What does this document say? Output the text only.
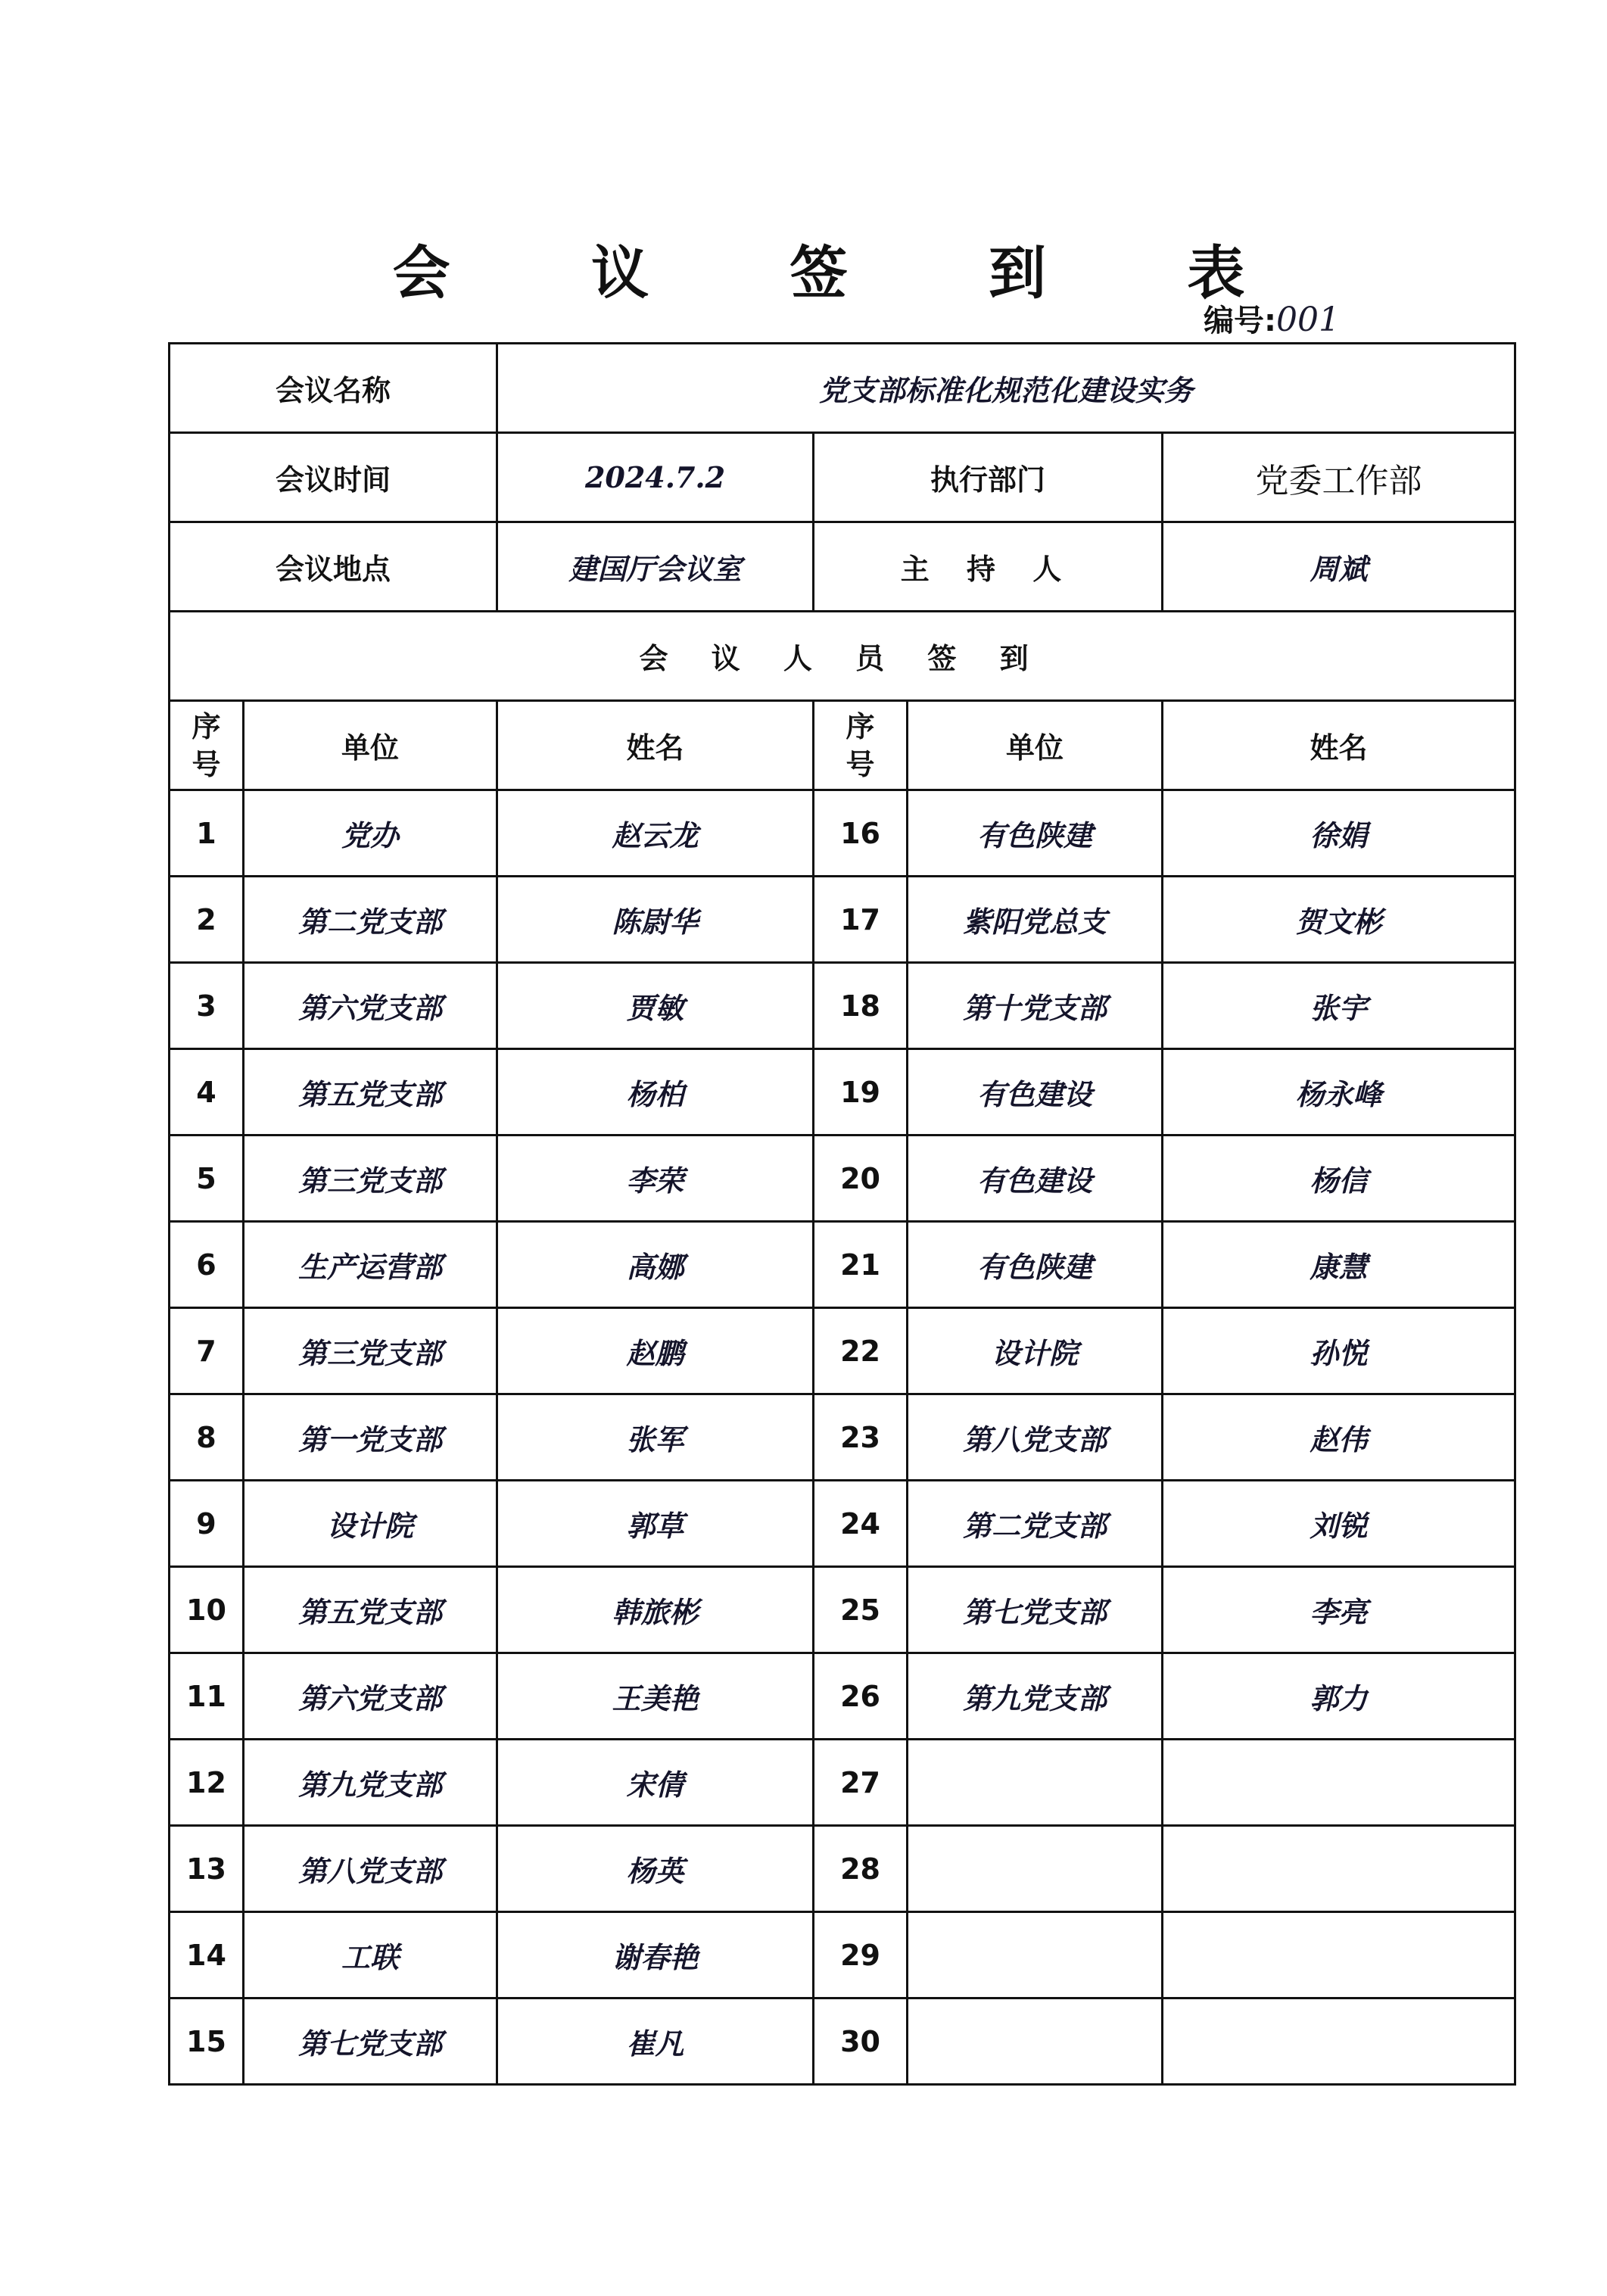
会 议 签 到 表
编号:001
会议名称		党支部标准化规范化建设实务			
会议时间		2024.7.2	执行部门		党委工作部
会议地点		建国厅会议室	主 持 人		周斌
会 议 人 员 签 到					
序号	单位	姓名	序号	单位	姓名
1	党办	赵云龙	16	有色陕建	徐娟
2	第二党支部	陈尉华	17	紫阳党总支	贺文彬
3	第六党支部	贾敏	18	第十党支部	张宇
4	第五党支部	杨柏	19	有色建设	杨永峰
5	第三党支部	李荣	20	有色建设	杨信
6	生产运营部	高娜	21	有色陕建	康慧
7	第三党支部	赵鹏	22	设计院	孙悦
8	第一党支部	张军	23	第八党支部	赵伟
9	设计院	郭草	24	第二党支部	刘锐
10	第五党支部	韩旅彬	25	第七党支部	李亮
11	第六党支部	王美艳	26	第九党支部	郭力
12	第九党支部	宋倩	27		
13	第八党支部	杨英	28		
14	工联	谢春艳	29		
15	第七党支部	崔凡	30		
